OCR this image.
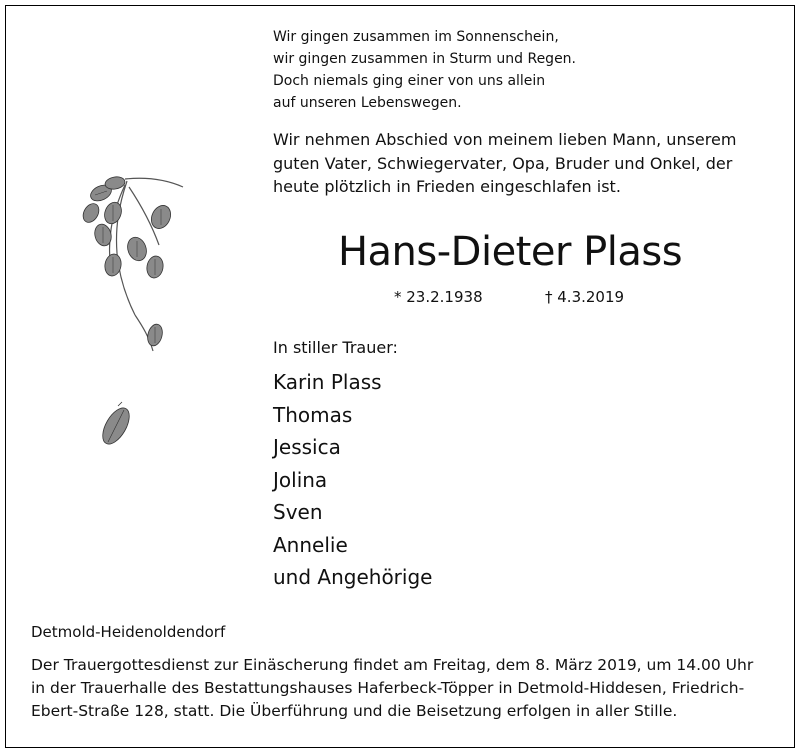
Wir gingen zusammen im Sonnenschein,
wir gingen zusammen in Sturm und Regen.
Doch niemals ging einer von uns allein
auf unseren Lebenswegen.
Wir nehmen Abschied von meinem lieben Mann, unserem
guten Vater, Schwiegervater, Opa, Bruder und Onkel, der
heute plötzlich in Frieden eingeschlafen ist.
Hans-Dieter Plass
* 23.2.1938	† 4.3.2019
In stiller Trauer:
Karin Plass
Thomas
Jessica
Jolina
Sven
Annelie
und Angehörige
Detmold-Heidenoldendorf
Der Trauergottesdienst zur Einäscherung findet am Freitag, dem 8. März 2019, um 14.00 Uhr
in der Trauerhalle des Bestattungshauses Haferbeck-Töpper in Detmold-Hiddesen, Friedrich-
Ebert-Straße 128, statt. Die Überführung und die Beisetzung erfolgen in aller Stille.
